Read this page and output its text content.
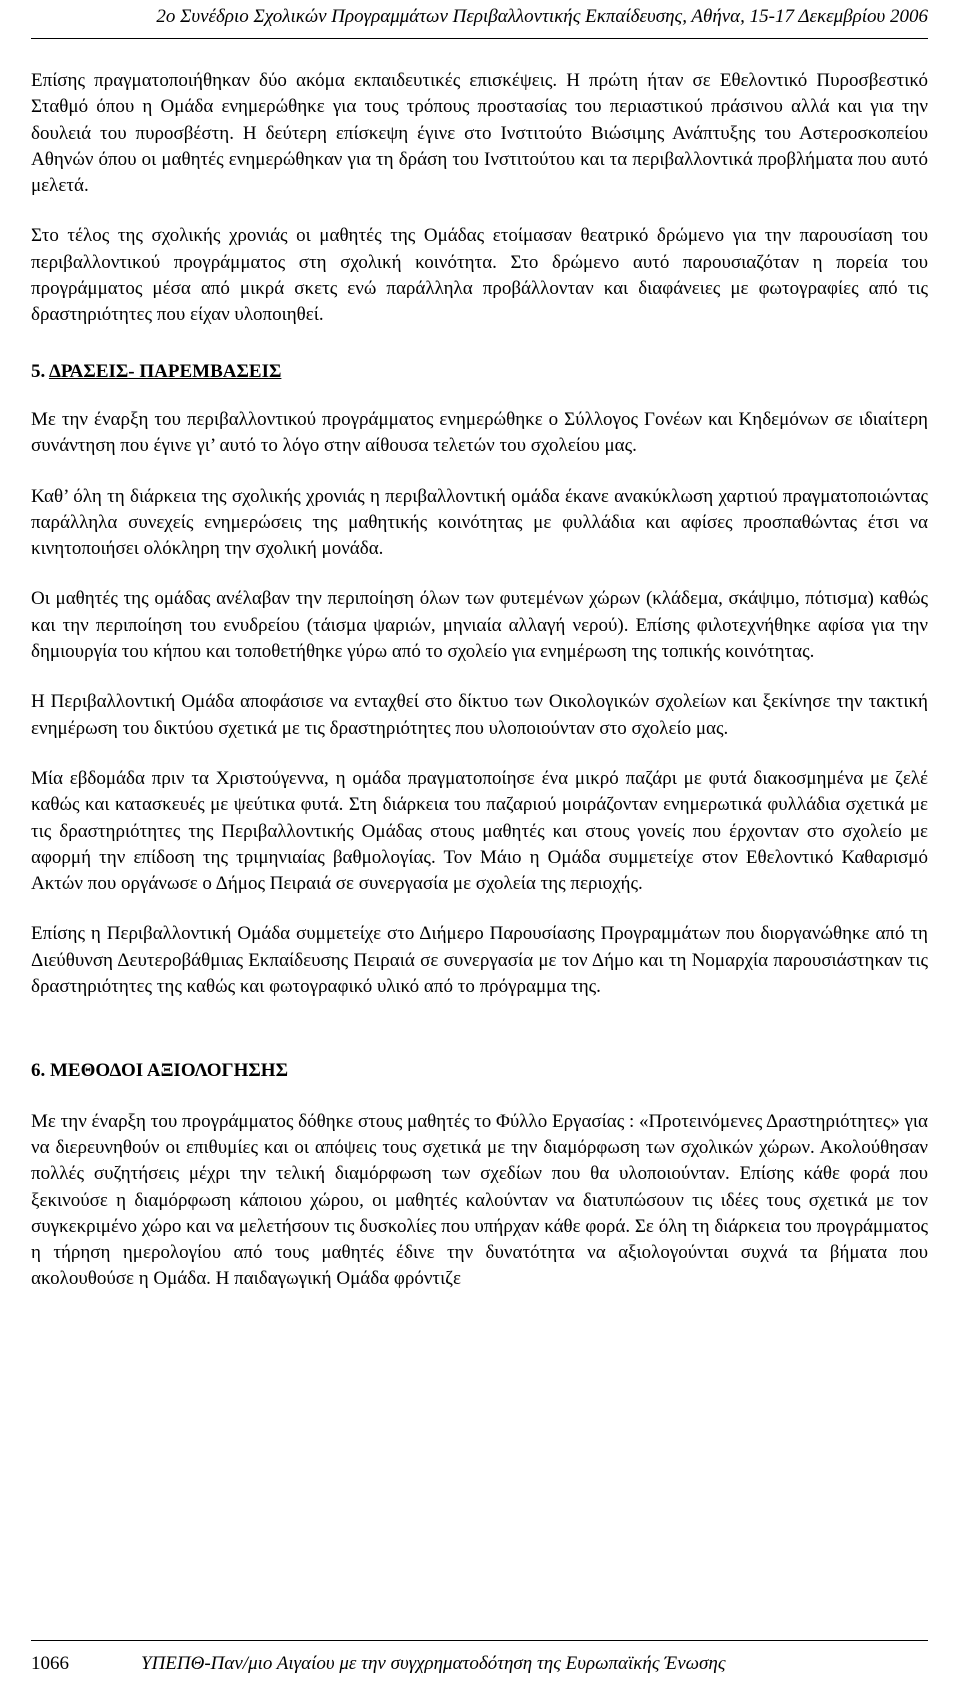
2ο Συνέδριο Σχολικών Προγραμμάτων Περιβαλλοντικής Εκπαίδευσης, Αθήνα, 15-17 Δεκεμβρίου 2006

Επίσης πραγματοποιήθηκαν δύο ακόμα εκπαιδευτικές επισκέψεις. Η πρώτη ήταν σε Εθελοντικό Πυροσβεστικό Σταθμό όπου η Ομάδα ενημερώθηκε για τους τρόπους προστασίας του περιαστικού πράσινου αλλά και για την δουλειά του πυροσβέστη. Η δεύτερη επίσκεψη έγινε στο Ινστιτούτο Βιώσιμης Ανάπτυξης του Αστεροσκοπείου Αθηνών όπου οι μαθητές ενημερώθηκαν για τη δράση του Ινστιτούτου και τα περιβαλλοντικά προβλήματα που αυτό μελετά.

Στο τέλος της σχολικής χρονιάς οι μαθητές της Ομάδας ετοίμασαν θεατρικό δρώμενο για την παρουσίαση του περιβαλλοντικού προγράμματος στη σχολική κοινότητα. Στο δρώμενο αυτό παρουσιαζόταν η πορεία του προγράμματος μέσα από μικρά σκετς ενώ παράλληλα προβάλλονταν και διαφάνειες με φωτογραφίες από τις δραστηριότητες που είχαν υλοποιηθεί.

5. ΔΡΑΣΕΙΣ- ΠΑΡΕΜΒΑΣΕΙΣ

Με την έναρξη του περιβαλλοντικού προγράμματος ενημερώθηκε ο Σύλλογος Γονέων και Κηδεμόνων σε ιδιαίτερη συνάντηση που έγινε γι’ αυτό το λόγο στην αίθουσα τελετών του σχολείου μας.

Καθ’ όλη τη διάρκεια της σχολικής χρονιάς η περιβαλλοντική ομάδα έκανε ανακύκλωση χαρτιού πραγματοποιώντας παράλληλα συνεχείς ενημερώσεις της μαθητικής κοινότητας με φυλλάδια και αφίσες προσπαθώντας έτσι να κινητοποιήσει ολόκληρη την σχολική μονάδα.

Οι μαθητές της ομάδας ανέλαβαν την περιποίηση όλων των φυτεμένων χώρων (κλάδεμα, σκάψιμο, πότισμα) καθώς και την περιποίηση του ενυδρείου (τάισμα ψαριών, μηνιαία αλλαγή νερού). Επίσης φιλοτεχνήθηκε αφίσα για την δημιουργία του κήπου και τοποθετήθηκε γύρω από το σχολείο για ενημέρωση της τοπικής κοινότητας.

Η Περιβαλλοντική Ομάδα αποφάσισε να ενταχθεί στο δίκτυο των Οικολογικών σχολείων και ξεκίνησε την τακτική ενημέρωση του δικτύου σχετικά με τις δραστηριότητες που υλοποιούνταν στο σχολείο μας.

Μία εβδομάδα πριν τα Χριστούγεννα, η ομάδα πραγματοποίησε ένα μικρό παζάρι με φυτά διακοσμημένα με ζελέ καθώς και κατασκευές με ψεύτικα φυτά. Στη διάρκεια του παζαριού μοιράζονταν ενημερωτικά φυλλάδια σχετικά με τις δραστηριότητες της Περιβαλλοντικής Ομάδας στους μαθητές και στους γονείς που έρχονταν στο σχολείο με αφορμή την επίδοση της τριμηνιαίας βαθμολογίας. Τον Μάιο η Ομάδα συμμετείχε στον Εθελοντικό Καθαρισμό Ακτών που οργάνωσε ο Δήμος Πειραιά σε συνεργασία με σχολεία της περιοχής.

Επίσης η Περιβαλλοντική Ομάδα συμμετείχε στο Διήμερο Παρουσίασης Προγραμμάτων που διοργανώθηκε από τη Διεύθυνση Δευτεροβάθμιας Εκπαίδευσης Πειραιά σε συνεργασία με τον Δήμο και τη Νομαρχία παρουσιάστηκαν τις δραστηριότητες της καθώς και φωτογραφικό υλικό από το πρόγραμμα της.

6. ΜΕΘΟΔΟΙ ΑΞΙΟΛΟΓΗΣΗΣ

Με την έναρξη του προγράμματος δόθηκε στους μαθητές το Φύλλο Εργασίας : «Προτεινόμενες Δραστηριότητες» για να διερευνηθούν οι επιθυμίες και οι απόψεις τους σχετικά με την διαμόρφωση των σχολικών χώρων. Ακολούθησαν πολλές συζητήσεις μέχρι την τελική διαμόρφωση των σχεδίων που θα υλοποιούνταν. Επίσης κάθε φορά που ξεκινούσε η διαμόρφωση κάποιου χώρου, οι μαθητές καλούνταν να διατυπώσουν τις ιδέες τους σχετικά με τον συγκεκριμένο χώρο και να μελετήσουν τις δυσκολίες που υπήρχαν κάθε φορά. Σε όλη τη διάρκεια του προγράμματος η τήρηση ημερολογίου από τους μαθητές έδινε την δυνατότητα να αξιολογούνται συχνά τα βήματα που ακολουθούσε η Ομάδα. Η παιδαγωγική Ομάδα φρόντιζε

1066	ΥΠΕΠΘ-Παν/μιο Αιγαίου με την συγχρηματοδότηση της Ευρωπαϊκής Ένωσης
